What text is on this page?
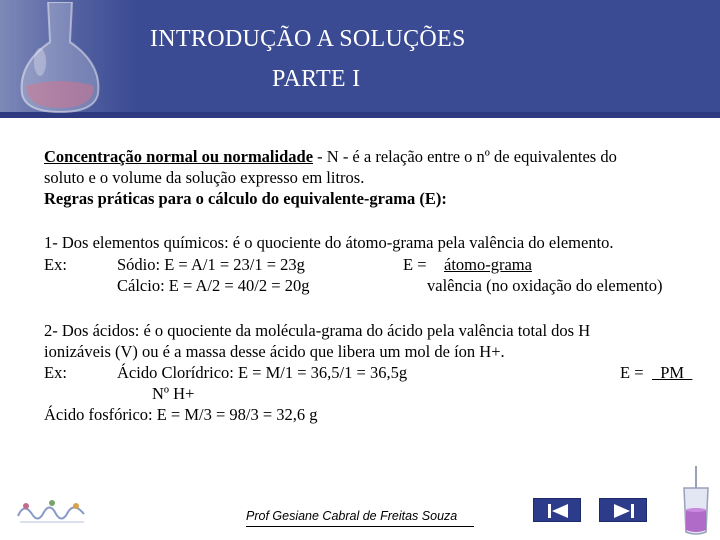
INTRODUÇÃO A SOLUÇÕES
PARTE I
Concentração normal ou normalidade - N - é a relação entre o nº de equivalentes do
soluto e o volume da solução expresso em litros.
Regras práticas para o cálculo do equivalente-grama (E):
1- Dos elementos químicos: é o quociente do átomo-grama pela valência do elemento.
Ex:	Sódio: E = A/1 = 23/1 = 23g	E = átomo-grama
Cálcio: E = A/2 = 40/2 = 20g	valência (no oxidação do elemento)
2- Dos ácidos: é o quociente da molécula-grama do ácido pela valência total dos H
ionizáveis (V) ou é a massa desse ácido que libera um mol de íon H+.
Ex:	Ácido Clorídrico: E = M/1 = 36,5/1 = 36,5g	E = PM
Nº H+
Ácido fosfórico: E = M/3 = 98/3 = 32,6 g
Prof Gesiane Cabral de Freitas Souza
